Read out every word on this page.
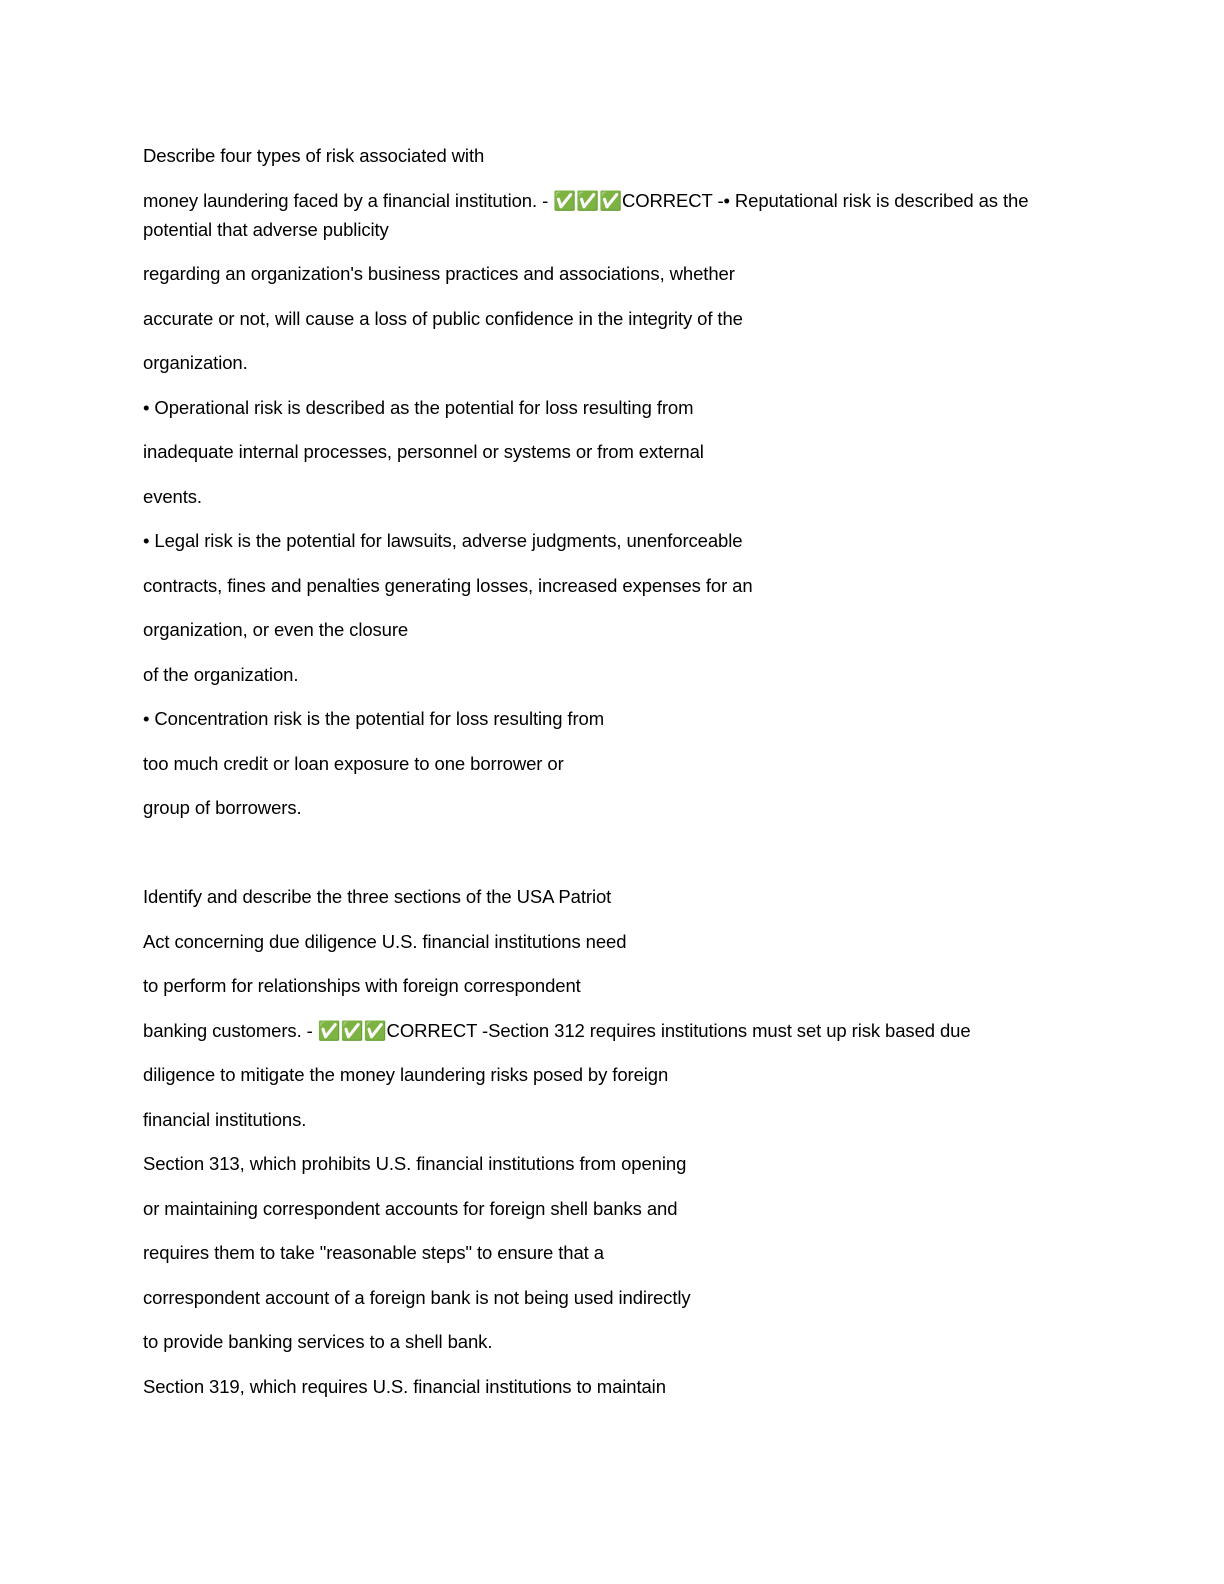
Describe four types of risk associated with
money laundering faced by a financial institution. - ✅✅✅CORRECT -• Reputational risk is described as the potential that adverse publicity
regarding an organization's business practices and associations, whether
accurate or not, will cause a loss of public confidence in the integrity of the
organization.
• Operational risk is described as the potential for loss resulting from
inadequate internal processes, personnel or systems or from external
events.
• Legal risk is the potential for lawsuits, adverse judgments, unenforceable
contracts, fines and penalties generating losses, increased expenses for an
organization, or even the closure
of the organization.
• Concentration risk is the potential for loss resulting from
too much credit or loan exposure to one borrower or
group of borrowers.
Identify and describe the three sections of the USA Patriot
Act concerning due diligence U.S. financial institutions need
to perform for relationships with foreign correspondent
banking customers. - ✅✅✅CORRECT -Section 312 requires institutions must set up risk based due
diligence to mitigate the money laundering risks posed by foreign
financial institutions.
Section 313, which prohibits U.S. financial institutions from opening
or maintaining correspondent accounts for foreign shell banks and
requires them to take "reasonable steps" to ensure that a
correspondent account of a foreign bank is not being used indirectly
to provide banking services to a shell bank.
Section 319, which requires U.S. financial institutions to maintain
